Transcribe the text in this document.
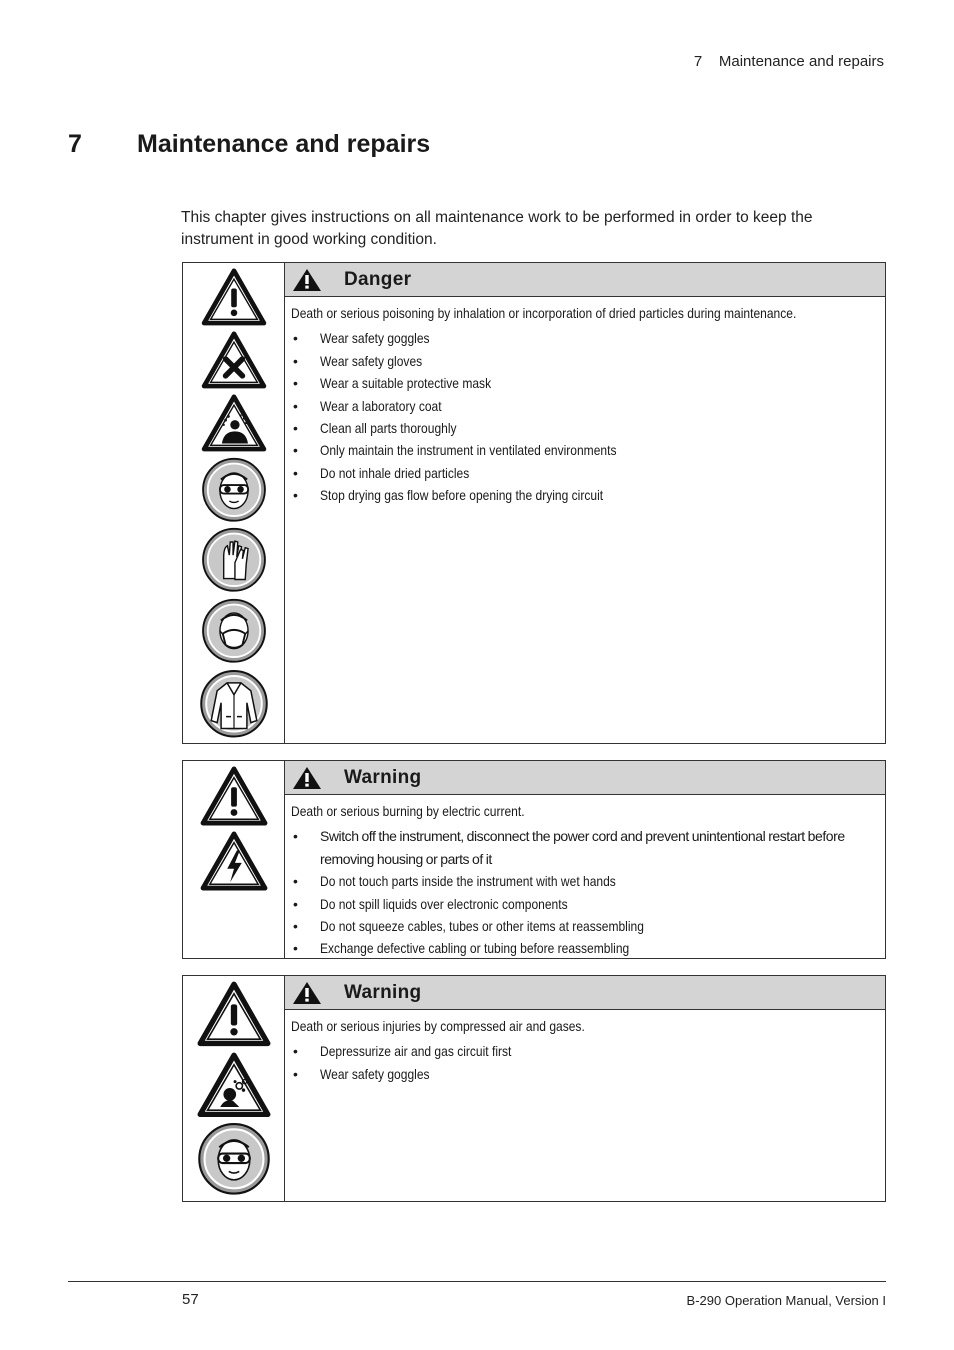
7    Maintenance and repairs
7	Maintenance and repairs

This chapter gives instructions on all maintenance work to be performed in order to keep the instrument in good working condition.

Danger

Death or serious poisoning by inhalation or incorporation of dried particles during maintenance.

• Wear safety goggles
• Wear safety gloves
• Wear a suitable protective mask
• Wear a laboratory coat
• Clean all parts thoroughly
• Only maintain the instrument in ventilated environments
• Do not inhale dried particles
• Stop drying gas flow before opening the drying circuit
Warning

Death or serious burning by electric current.

• Switch off the instrument, disconnect the power cord and prevent unintentional restart before removing housing or parts of it
• Do not touch parts inside the instrument with wet hands
• Do not spill liquids over electronic components
• Do not squeeze cables, tubes or other items at reassembling
• Exchange defective cabling or tubing before reassembling
Warning

Death or serious injuries by compressed air and gases.

• Depressurize air and gas circuit first
• Wear safety goggles
57	B-290 Operation Manual, Version I
